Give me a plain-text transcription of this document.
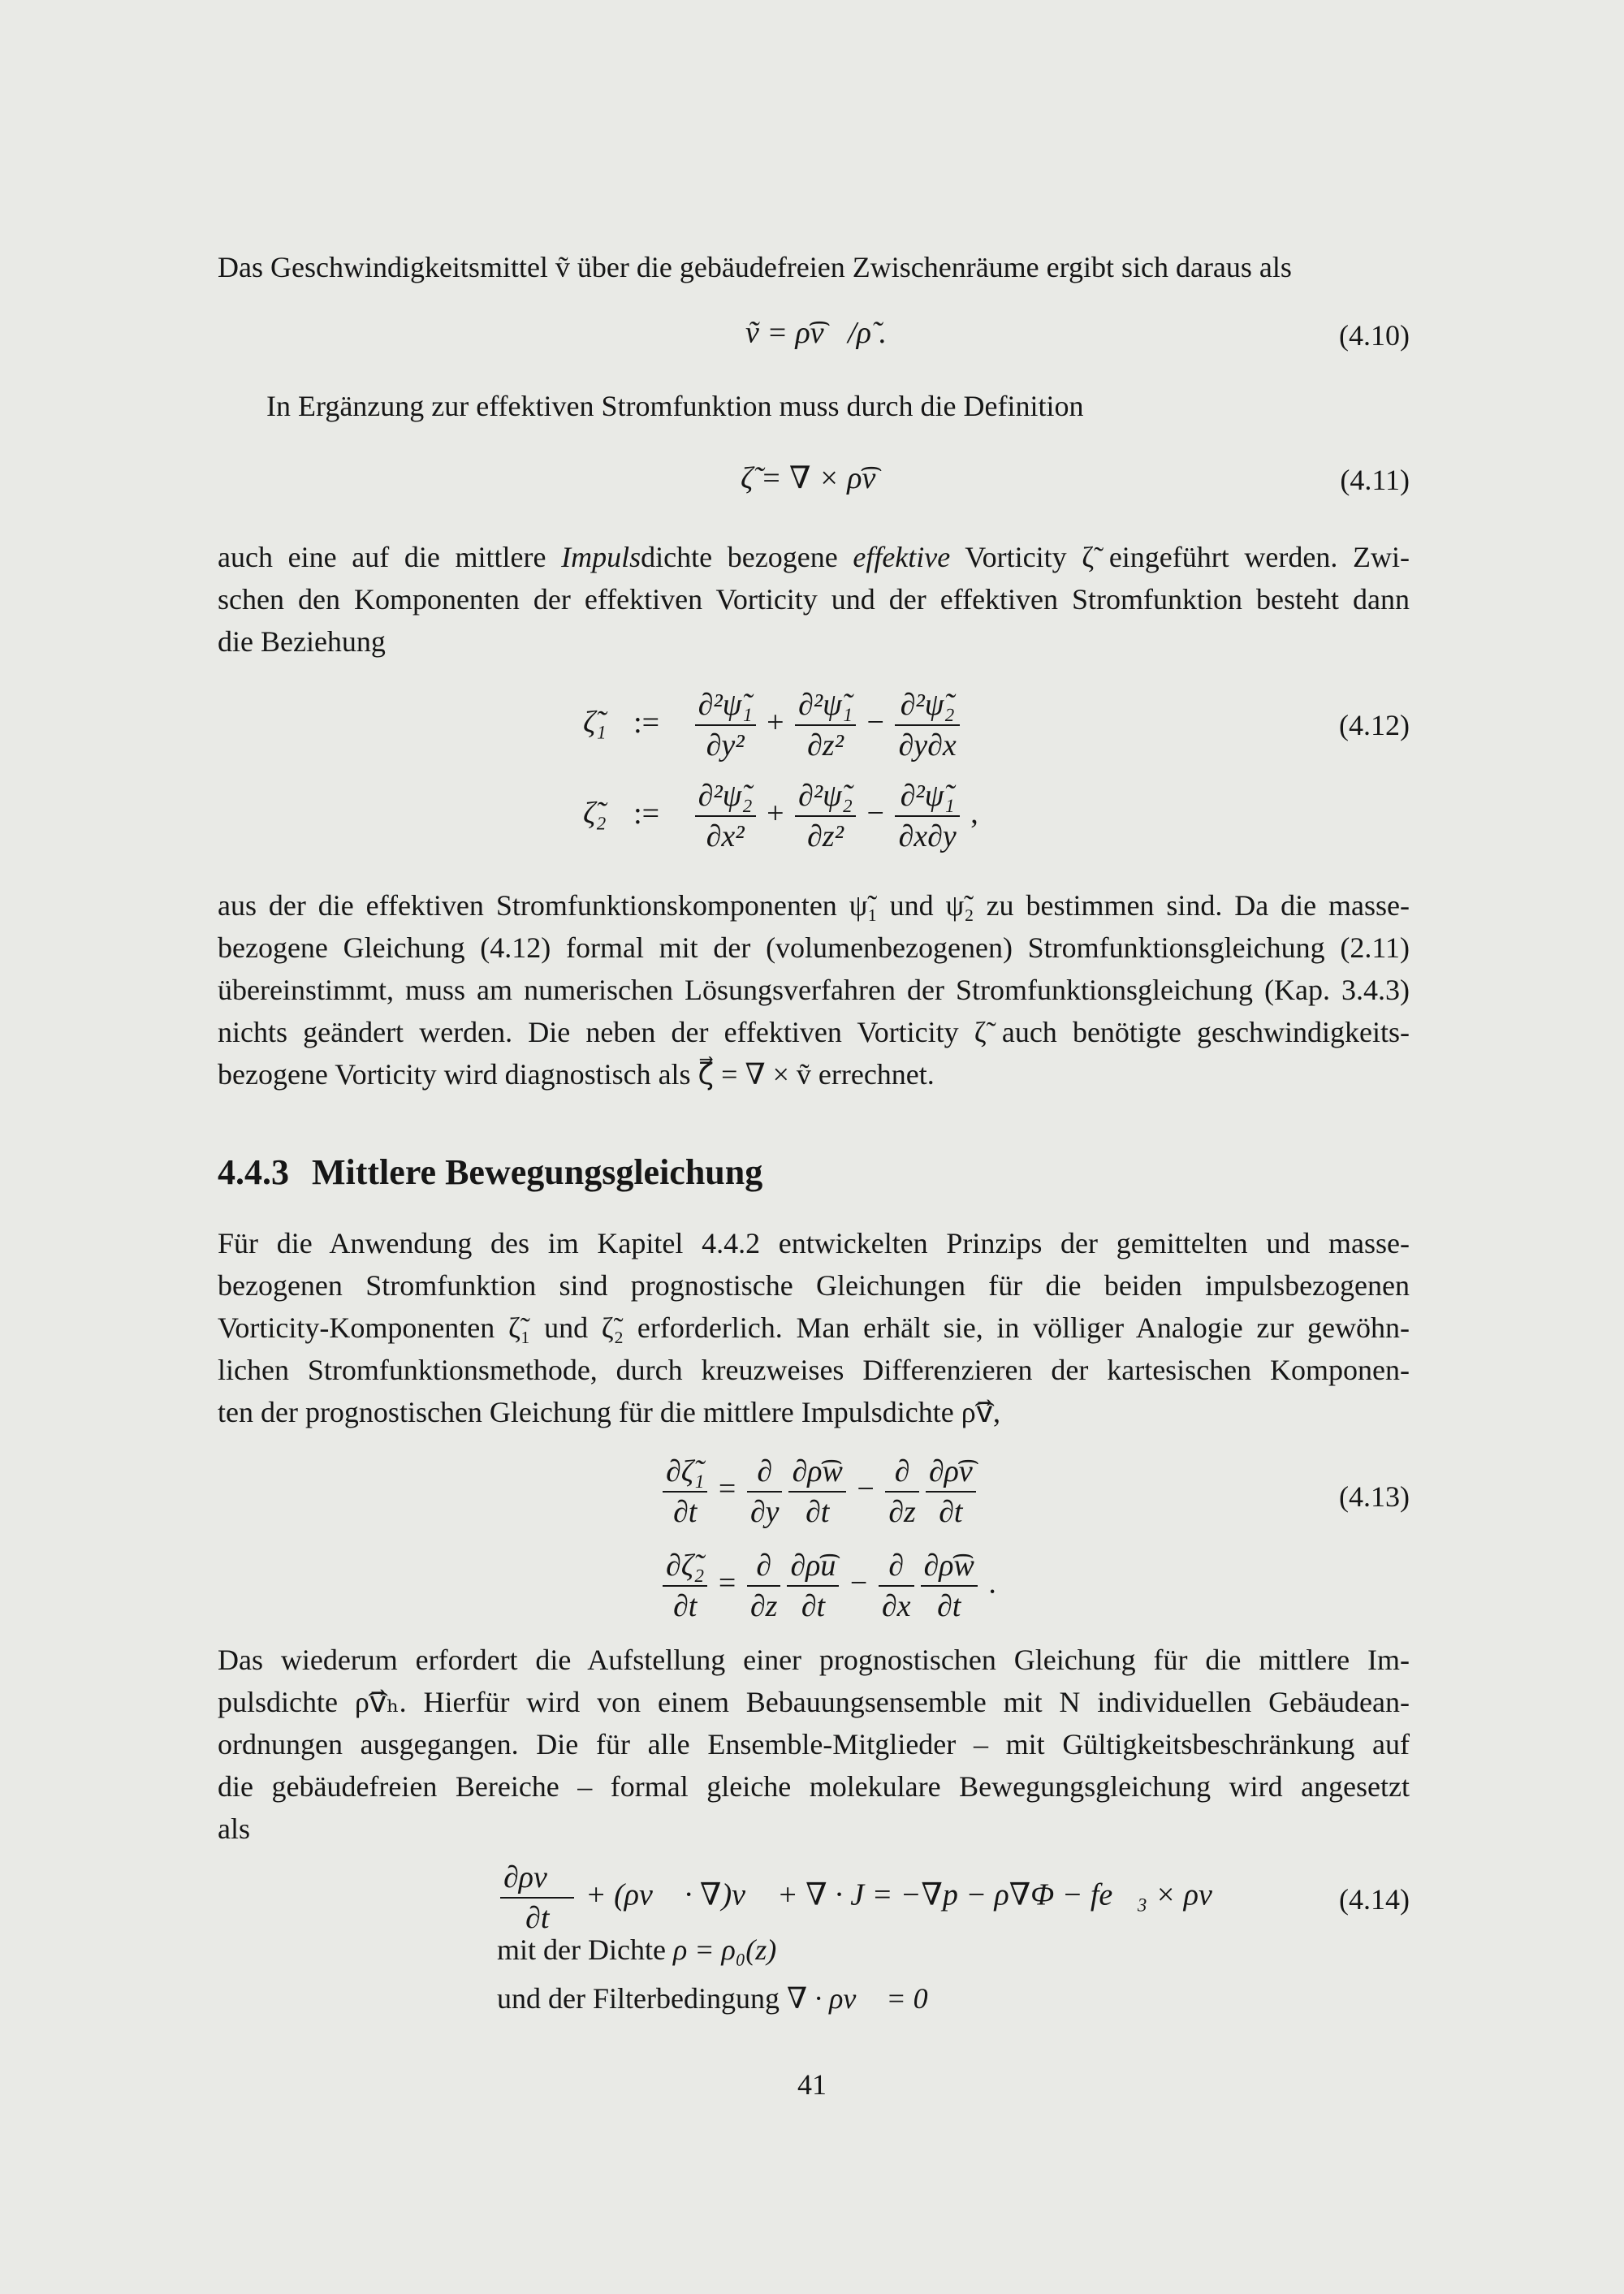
Das Geschwindigkeitsmittel ṽ über die gebäudefreien Zwischenräume ergibt sich daraus als
ṽ = ρ͡v⃗/ρ̃ .	(4.10)
In Ergänzung zur effektiven Stromfunktion muss durch die Definition
ζ̃ = ∇ × ρ͡v⃗	(4.11)
auch eine auf die mittlere Impulsdichte bezogene effektive Vorticity ζ̃ eingeführt werden. Zwi-
schen den Komponenten der effektiven Vorticity und der effektiven Stromfunktion besteht dann
die Beziehung
ζ̃₁ := $\frac{\text{∂²ψ̃₁}}{\text{∂y²}} + \frac{\text{∂²ψ̃₁}}{\text{∂z²}} - \frac{\text{∂²ψ̃₂}}{\partial y\partial x}$	(4.12)
ζ̃₂ := $\frac{\text{∂²ψ̃₂}}{\text{∂x²}} + \frac{\text{∂²ψ̃₂}}{\text{∂z²}} - \frac{\text{∂²ψ̃₁}}{\partial x\partial y}$ ,
aus der die effektiven Stromfunktionskomponenten ψ̃₁ und ψ̃₂ zu bestimmen sind. Da die masse-
bezogene Gleichung (4.12) formal mit der (volumenbezogenen) Stromfunktionsgleichung (2.11)
übereinstimmt, muss am numerischen Lösungsverfahren der Stromfunktionsgleichung (Kap. 3.4.3)
nichts geändert werden. Die neben der effektiven Vorticity ζ̃ auch benötigte geschwindigkeits-
bezogene Vorticity wird diagnostisch als ζ⃗ = ∇ × ṽ errechnet.
4.4.3 Mittlere Bewegungsgleichung
Für die Anwendung des im Kapitel 4.4.2 entwickelten Prinzips der gemittelten und masse-
bezogenen Stromfunktion sind prognostische Gleichungen für die beiden impulsbezogenen
Vorticity-Komponenten ζ̃₁ und ζ̃₂ erforderlich. Man erhält sie, in völliger Analogie zur gewöhn-
lichen Stromfunktionsmethode, durch kreuzweises Differenzieren der kartesischen Komponen-
ten der prognostischen Gleichung für die mittlere Impulsdichte ρ͡v⃗,
$\frac{\text{∂ζ̃₁}}{\partial t} = \frac{\partial}{\partial y} \frac{\partial\rho͡w}{\partial t} - \frac{\partial}{\partial z} \frac{\partial\rho͡v}{\partial t}$	(4.13)
$\frac{\text{∂ζ̃₂}}{\partial t} = \frac{\partial}{\partial z} \frac{\partial\rho͡u}{\partial t} - \frac{\partial}{\partial x} \frac{\partial\rho͡w}{\partial t}$ .
Das wiederum erfordert die Aufstellung einer prognostischen Gleichung für die mittlere Im-
pulsdichte ρ͡v⃗ₕ. Hierfür wird von einem Bebauungsensemble mit N individuellen Gebäudean-
ordnungen ausgegangen. Die für alle Ensemble-Mitglieder – mit Gültigkeitsbeschränkung auf
die gebäudefreien Bereiche – formal gleiche molekulare Bewegungsgleichung wird angesetzt
als
$\frac{\partial\rho v⃗}{\partial t}$ + (ρv⃗ · ∇)v⃗ + ∇ · J = −∇p − ρ∇Φ − fe⃗₃ × ρv⃗	(4.14)
mit der Dichte ρ = ρ₀(z)
und der Filterbedingung ∇ · ρv⃗ = 0
41
